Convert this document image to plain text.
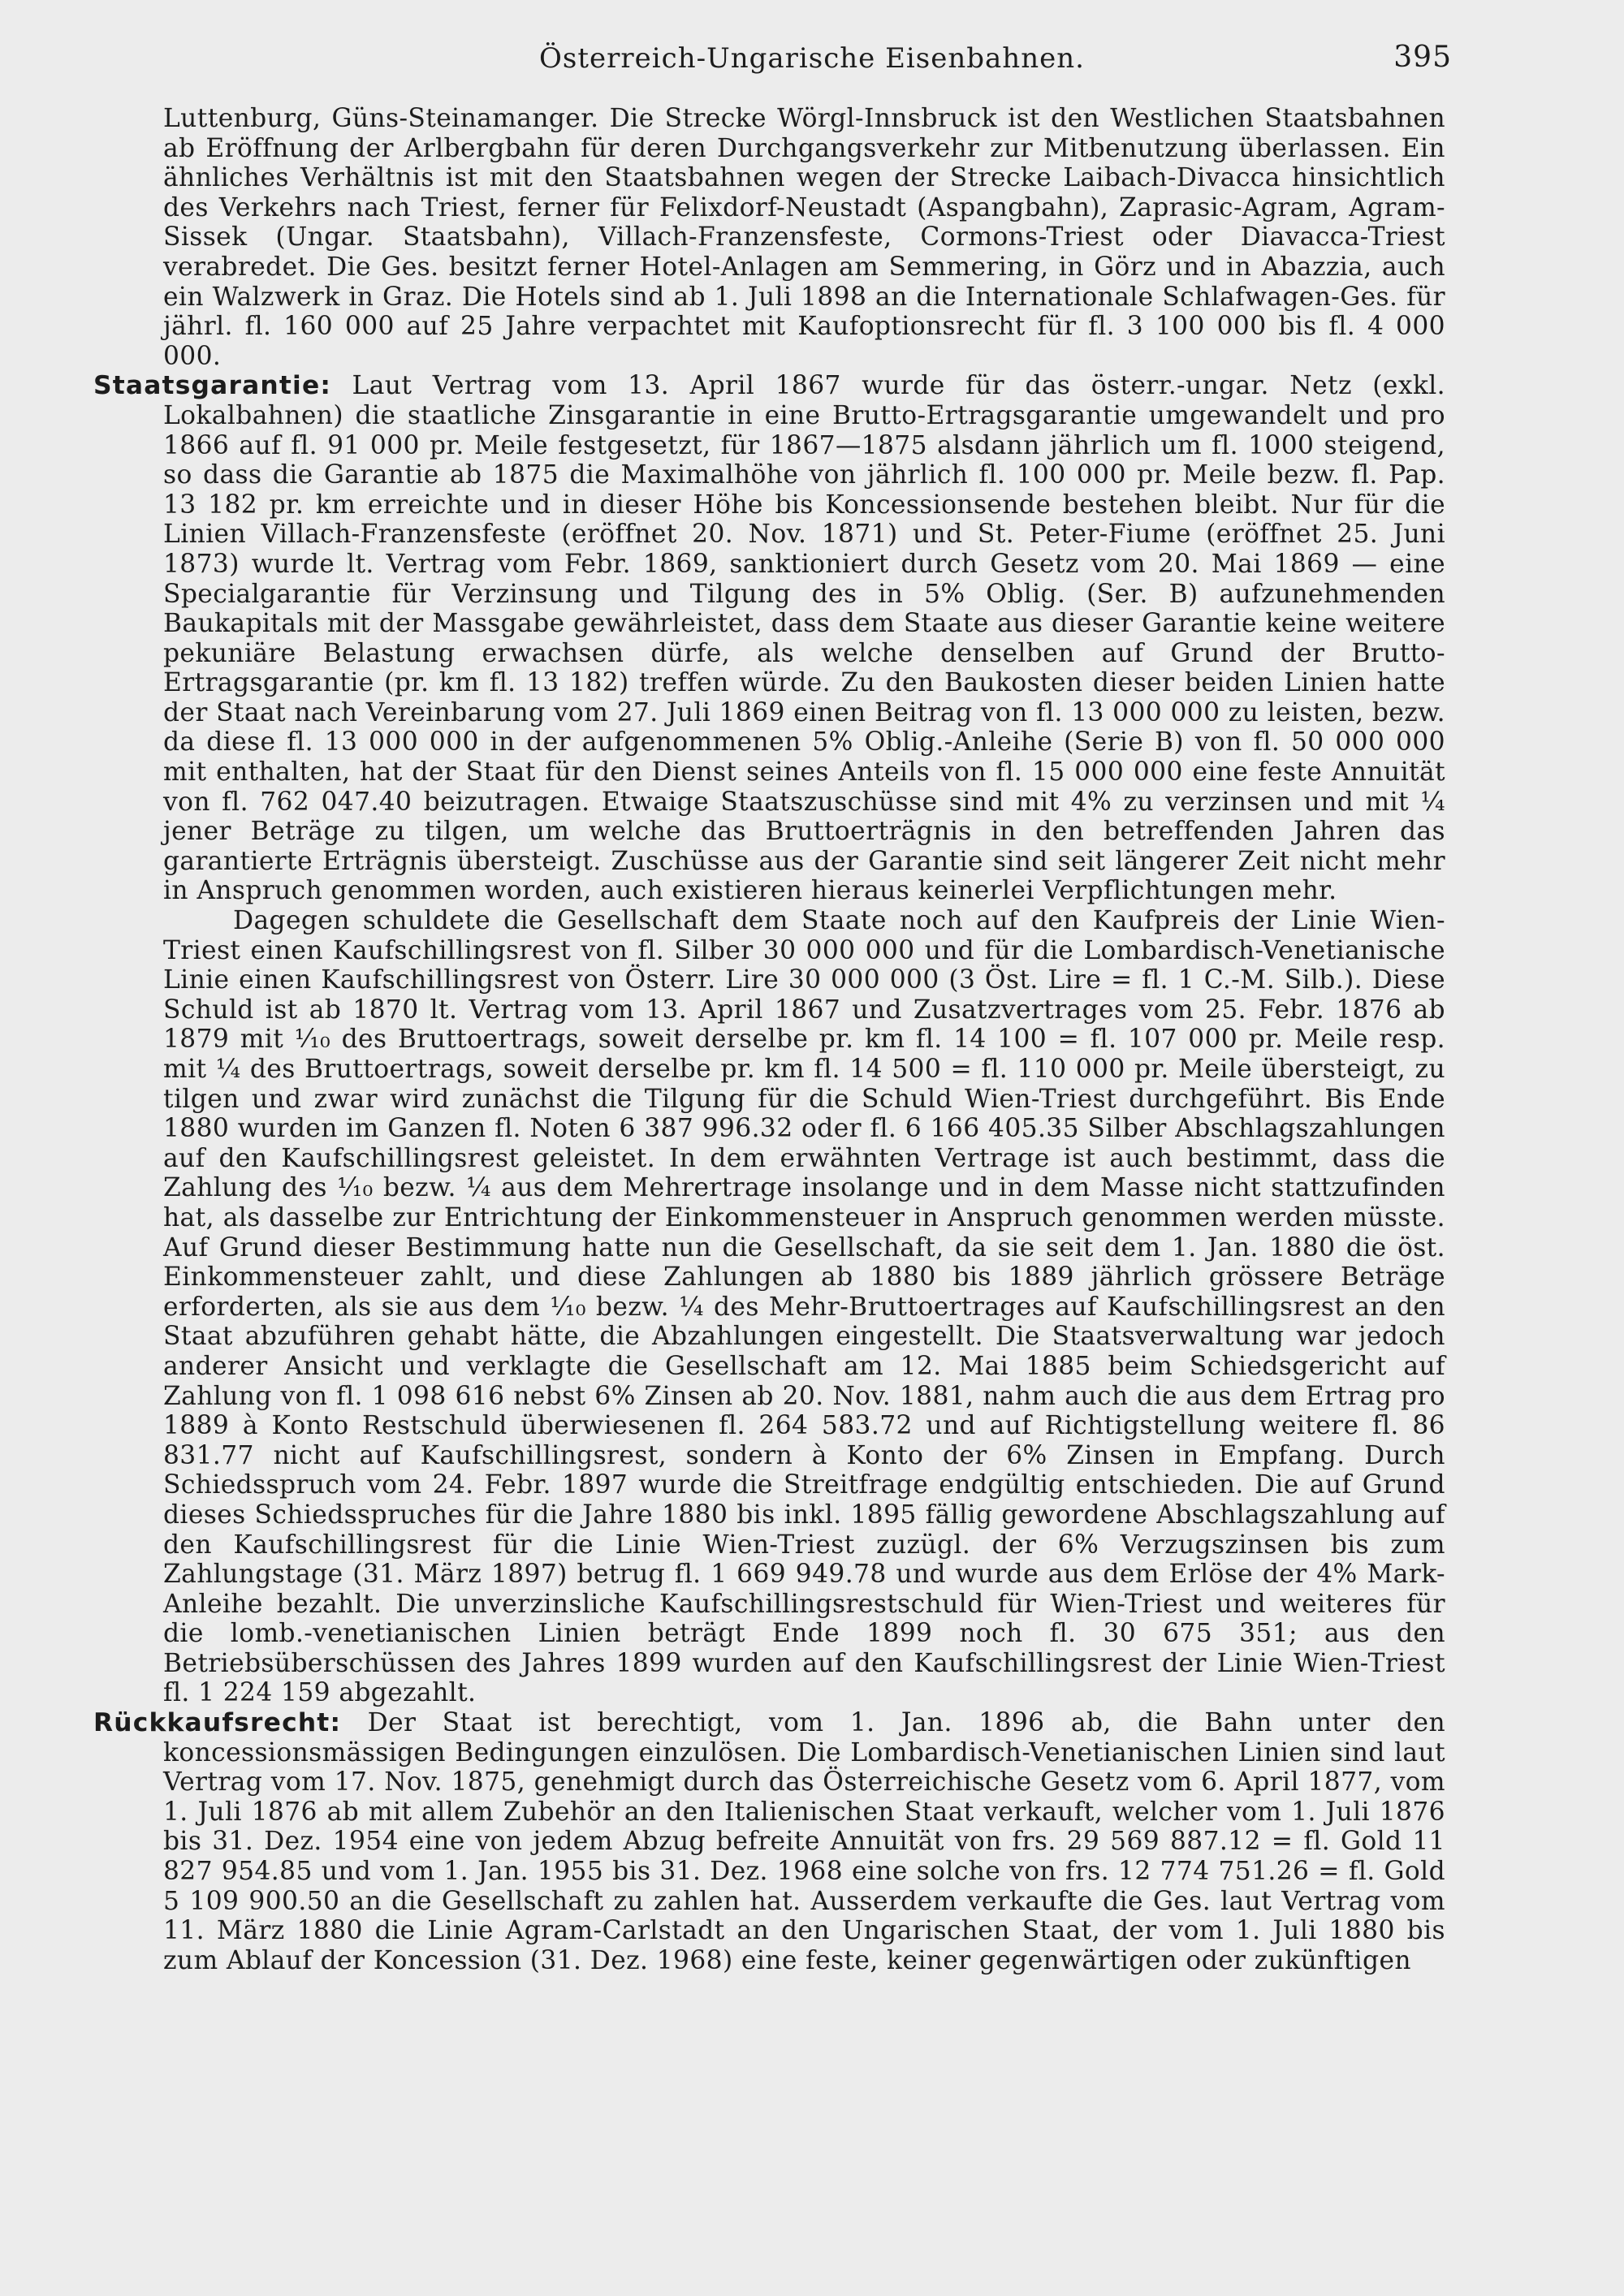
Österreich-Ungarische Eisenbahnen.	395

Luttenburg, Güns-Steinamanger. Die Strecke Wörgl-Innsbruck ist den Westlichen Staatsbahnen ab Eröffnung der Arlbergbahn für deren Durchgangsverkehr zur Mitbenutzung überlassen. Ein ähnliches Verhältnis ist mit den Staatsbahnen wegen der Strecke Laibach-Divacca hinsichtlich des Verkehrs nach Triest, ferner für Felixdorf-Neustadt (Aspangbahn), Zaprasic-Agram, Agram-Sissek (Ungar. Staatsbahn), Villach-Franzensfeste, Cormons-Triest oder Diavacca-Triest verabredet. Die Ges. besitzt ferner Hotel-Anlagen am Semmering, in Görz und in Abazzia, auch ein Walzwerk in Graz. Die Hotels sind ab 1. Juli 1898 an die Internationale Schlafwagen-Ges. für jährl. fl. 160 000 auf 25 Jahre verpachtet mit Kaufoptionsrecht für fl. 3 100 000 bis fl. 4 000 000.

Staatsgarantie: Laut Vertrag vom 13. April 1867 wurde für das österr.-ungar. Netz (exkl. Lokalbahnen) die staatliche Zinsgarantie in eine Brutto-Ertragsgarantie umgewandelt und pro 1866 auf fl. 91 000 pr. Meile festgesetzt, für 1867—1875 alsdann jährlich um fl. 1000 steigend, so dass die Garantie ab 1875 die Maximalhöhe von jährlich fl. 100 000 pr. Meile bezw. fl. Pap. 13 182 pr. km erreichte und in dieser Höhe bis Koncessionsende bestehen bleibt. Nur für die Linien Villach-Franzensfeste (eröffnet 20. Nov. 1871) und St. Peter-Fiume (eröffnet 25. Juni 1873) wurde lt. Vertrag vom Febr. 1869, sanktioniert durch Gesetz vom 20. Mai 1869 — eine Specialgarantie für Verzinsung und Tilgung des in 5% Oblig. (Ser. B) aufzunehmenden Baukapitals mit der Massgabe gewährleistet, dass dem Staate aus dieser Garantie keine weitere pekuniäre Belastung erwachsen dürfe, als welche denselben auf Grund der Brutto-Ertragsgarantie (pr. km fl. 13 182) treffen würde. Zu den Baukosten dieser beiden Linien hatte der Staat nach Vereinbarung vom 27. Juli 1869 einen Beitrag von fl. 13 000 000 zu leisten, bezw. da diese fl. 13 000 000 in der aufgenommenen 5% Oblig.-Anleihe (Serie B) von fl. 50 000 000 mit enthalten, hat der Staat für den Dienst seines Anteils von fl. 15 000 000 eine feste Annuität von fl. 762 047.40 beizutragen. Etwaige Staatszuschüsse sind mit 4% zu verzinsen und mit ¼ jener Beträge zu tilgen, um welche das Bruttoerträgnis in den betreffenden Jahren das garantierte Erträgnis übersteigt. Zuschüsse aus der Garantie sind seit längerer Zeit nicht mehr in Anspruch genommen worden, auch existieren hieraus keinerlei Verpflichtungen mehr.

Dagegen schuldete die Gesellschaft dem Staate noch auf den Kaufpreis der Linie Wien-Triest einen Kaufschillingsrest von fl. Silber 30 000 000 und für die Lombardisch-Venetianische Linie einen Kaufschillingsrest von Österr. Lire 30 000 000 (3 Öst. Lire = fl. 1 C.-M. Silb.). Diese Schuld ist ab 1870 lt. Vertrag vom 13. April 1867 und Zusatzvertrages vom 25. Febr. 1876 ab 1879 mit ¹⁄₁₀ des Bruttoertrags, soweit derselbe pr. km fl. 14 100 = fl. 107 000 pr. Meile resp. mit ¼ des Bruttoertrags, soweit derselbe pr. km fl. 14 500 = fl. 110 000 pr. Meile übersteigt, zu tilgen und zwar wird zunächst die Tilgung für die Schuld Wien-Triest durchgeführt. Bis Ende 1880 wurden im Ganzen fl. Noten 6 387 996.32 oder fl. 6 166 405.35 Silber Abschlagszahlungen auf den Kaufschillingsrest geleistet. In dem erwähnten Vertrage ist auch bestimmt, dass die Zahlung des ¹⁄₁₀ bezw. ¼ aus dem Mehrertrage insolange und in dem Masse nicht stattzufinden hat, als dasselbe zur Entrichtung der Einkommensteuer in Anspruch genommen werden müsste. Auf Grund dieser Bestimmung hatte nun die Gesellschaft, da sie seit dem 1. Jan. 1880 die öst. Einkommensteuer zahlt, und diese Zahlungen ab 1880 bis 1889 jährlich grössere Beträge erforderten, als sie aus dem ¹⁄₁₀ bezw. ¼ des Mehr-Bruttoertrages auf Kaufschillingsrest an den Staat abzuführen gehabt hätte, die Abzahlungen eingestellt. Die Staatsverwaltung war jedoch anderer Ansicht und verklagte die Gesellschaft am 12. Mai 1885 beim Schiedsgericht auf Zahlung von fl. 1 098 616 nebst 6% Zinsen ab 20. Nov. 1881, nahm auch die aus dem Ertrag pro 1889 à Konto Restschuld überwiesenen fl. 264 583.72 und auf Richtigstellung weitere fl. 86 831.77 nicht auf Kaufschillingsrest, sondern à Konto der 6% Zinsen in Empfang. Durch Schiedsspruch vom 24. Febr. 1897 wurde die Streitfrage endgültig entschieden. Die auf Grund dieses Schiedsspruches für die Jahre 1880 bis inkl. 1895 fällig gewordene Abschlagszahlung auf den Kaufschillingsrest für die Linie Wien-Triest zuzügl. der 6% Verzugszinsen bis zum Zahlungstage (31. März 1897) betrug fl. 1 669 949.78 und wurde aus dem Erlöse der 4% Mark-Anleihe bezahlt. Die unverzinsliche Kaufschillingsrestschuld für Wien-Triest und weiteres für die lomb.-venetianischen Linien beträgt Ende 1899 noch fl. 30 675 351; aus den Betriebsüberschüssen des Jahres 1899 wurden auf den Kaufschillingsrest der Linie Wien-Triest fl. 1 224 159 abgezahlt.

Rückkaufsrecht: Der Staat ist berechtigt, vom 1. Jan. 1896 ab, die Bahn unter den koncessionsmässigen Bedingungen einzulösen. Die Lombardisch-Venetianischen Linien sind laut Vertrag vom 17. Nov. 1875, genehmigt durch das Österreichische Gesetz vom 6. April 1877, vom 1. Juli 1876 ab mit allem Zubehör an den Italienischen Staat verkauft, welcher vom 1. Juli 1876 bis 31. Dez. 1954 eine von jedem Abzug befreite Annuität von frs. 29 569 887.12 = fl. Gold 11 827 954.85 und vom 1. Jan. 1955 bis 31. Dez. 1968 eine solche von frs. 12 774 751.26 = fl. Gold 5 109 900.50 an die Gesellschaft zu zahlen hat. Ausserdem verkaufte die Ges. laut Vertrag vom 11. März 1880 die Linie Agram-Carlstadt an den Ungarischen Staat, der vom 1. Juli 1880 bis zum Ablauf der Koncession (31. Dez. 1968) eine feste, keiner gegenwärtigen oder zukünftigen
